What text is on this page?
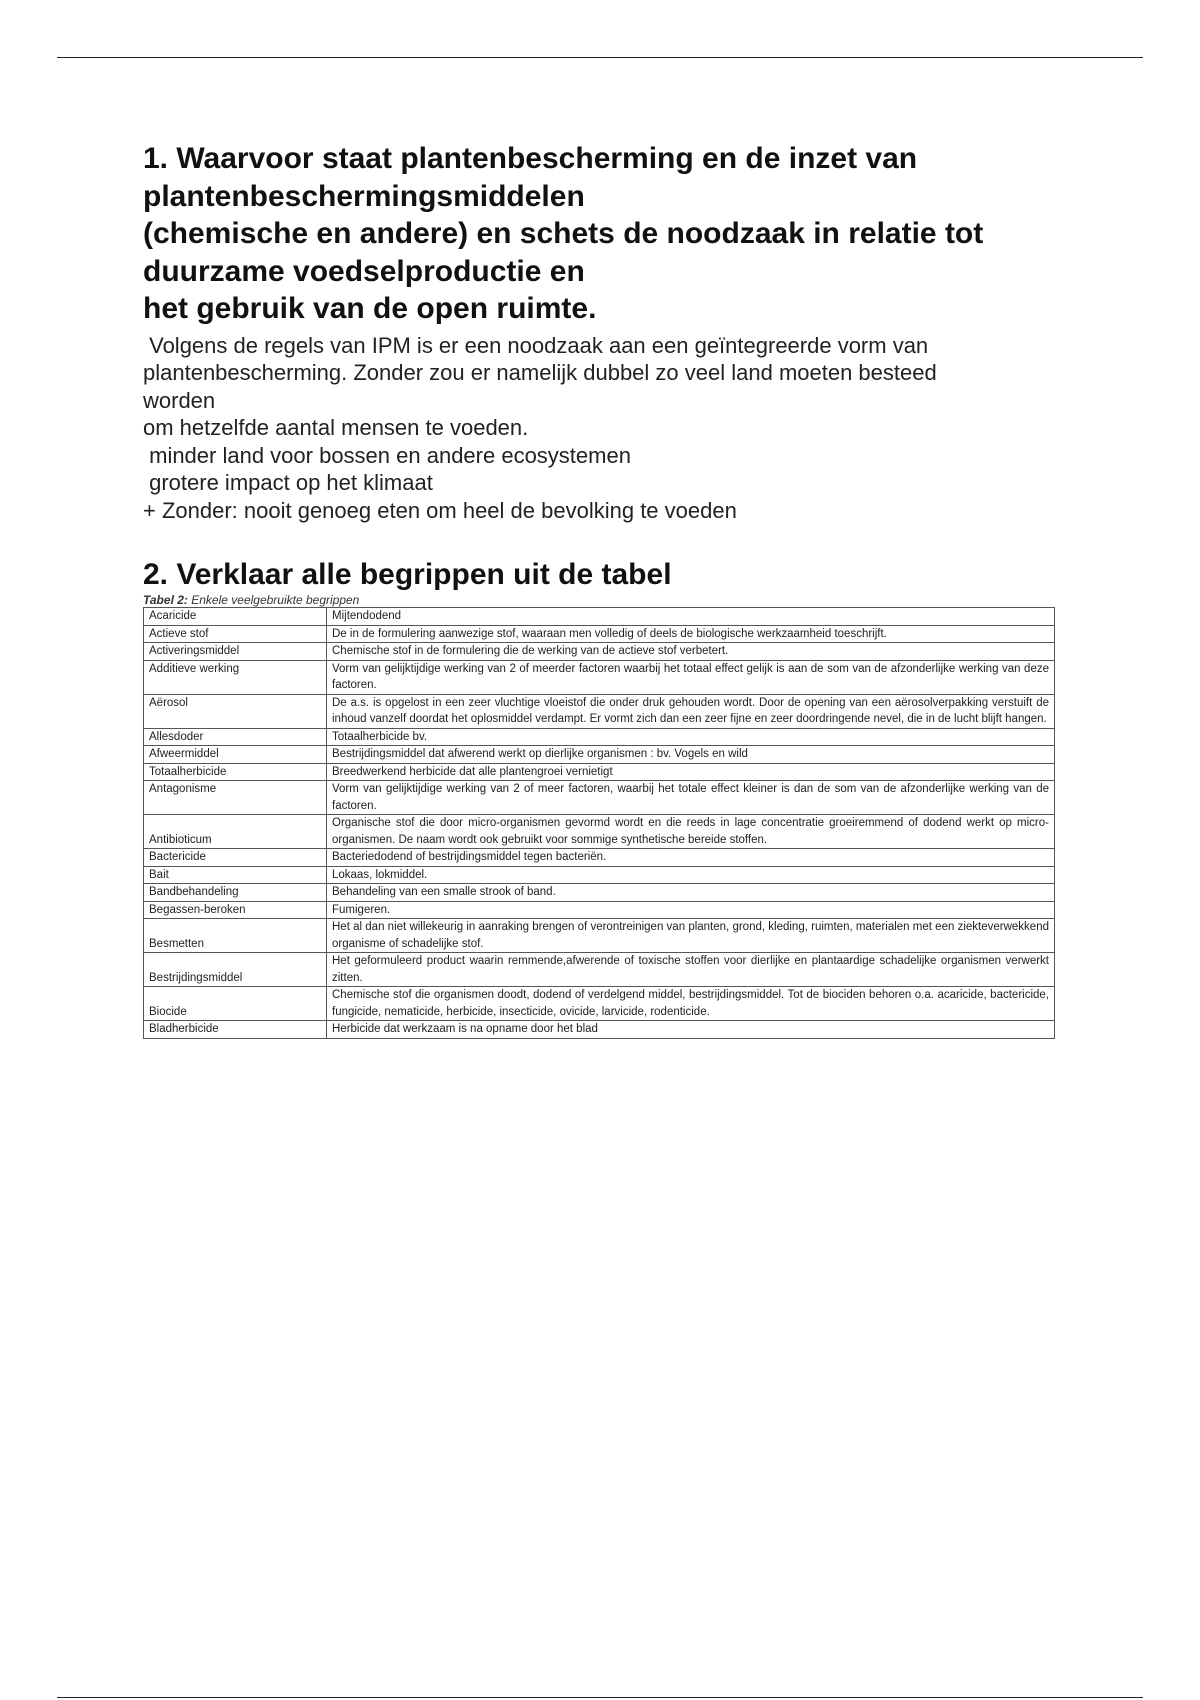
1. Waarvoor staat plantenbescherming en de inzet van
plantenbeschermingsmiddelen
(chemische en andere) en schets de noodzaak in relatie tot
duurzame voedselproductie en
het gebruik van de open ruimte.
Volgens de regels van IPM is er een noodzaak aan een geïntegreerde vorm van
plantenbescherming. Zonder zou er namelijk dubbel zo veel land moeten besteed
worden
om hetzelfde aantal mensen te voeden.
minder land voor bossen en andere ecosystemen
grotere impact op het klimaat
+ Zonder: nooit genoeg eten om heel de bevolking te voeden
2. Verklaar alle begrippen uit de tabel
Tabel 2: Enkele veelgebruikte begrippen
Acaricide	Mijtendodend
Actieve stof	De in de formulering aanwezige stof, waaraan men volledig of deels de biologische werkzaamheid toeschrijft.
Activeringsmiddel	Chemische stof in de formulering die de werking van de actieve stof verbetert.
Additieve werking	Vorm van gelijktijdige werking van 2 of meerder factoren waarbij het totaal effect gelijk is aan de som van de afzonderlijke werking van deze factoren.
Aërosol	De a.s. is opgelost in een zeer vluchtige vloeistof die onder druk gehouden wordt. Door de opening van een aërosolverpakking verstuift de inhoud vanzelf doordat het oplosmiddel verdampt. Er vormt zich dan een zeer fijne en zeer doordringende nevel, die in de lucht blijft hangen.
Allesdoder	Totaalherbicide bv.
Afweermiddel	Bestrijdingsmiddel dat afwerend werkt op dierlijke organismen : bv. Vogels en wild
Totaalherbicide	Breedwerkend herbicide dat alle plantengroei vernietigt
Antagonisme	Vorm van gelijktijdige werking van 2 of meer factoren, waarbij het totale effect kleiner is dan de som van de afzonderlijke werking van de factoren.
Antibioticum	Organische stof die door micro-organismen gevormd wordt en die reeds in lage concentratie groeiremmend of dodend werkt op micro-organismen. De naam wordt ook gebruikt voor sommige synthetische bereide stoffen.
Bactericide	Bacteriedodend of bestrijdingsmiddel tegen bacteriën.
Bait	Lokaas, lokmiddel.
Bandbehandeling	Behandeling van een smalle strook of band.
Begassen-beroken	Fumigeren.
Besmetten	Het al dan niet willekeurig in aanraking brengen of verontreinigen van planten, grond, kleding, ruimten, materialen met een ziekteverwekkend organisme of schadelijke stof.
Bestrijdingsmiddel	Het geformuleerd product waarin remmende,afwerende of toxische stoffen voor dierlijke en plantaardige schadelijke organismen verwerkt zitten.
Biocide	Chemische stof die organismen doodt, dodend of verdelgend middel, bestrijdingsmiddel. Tot de biociden behoren o.a. acaricide, bactericide, fungicide, nematicide, herbicide, insecticide, ovicide, larvicide, rodenticide.
Bladherbicide	Herbicide dat werkzaam is na opname door het blad
